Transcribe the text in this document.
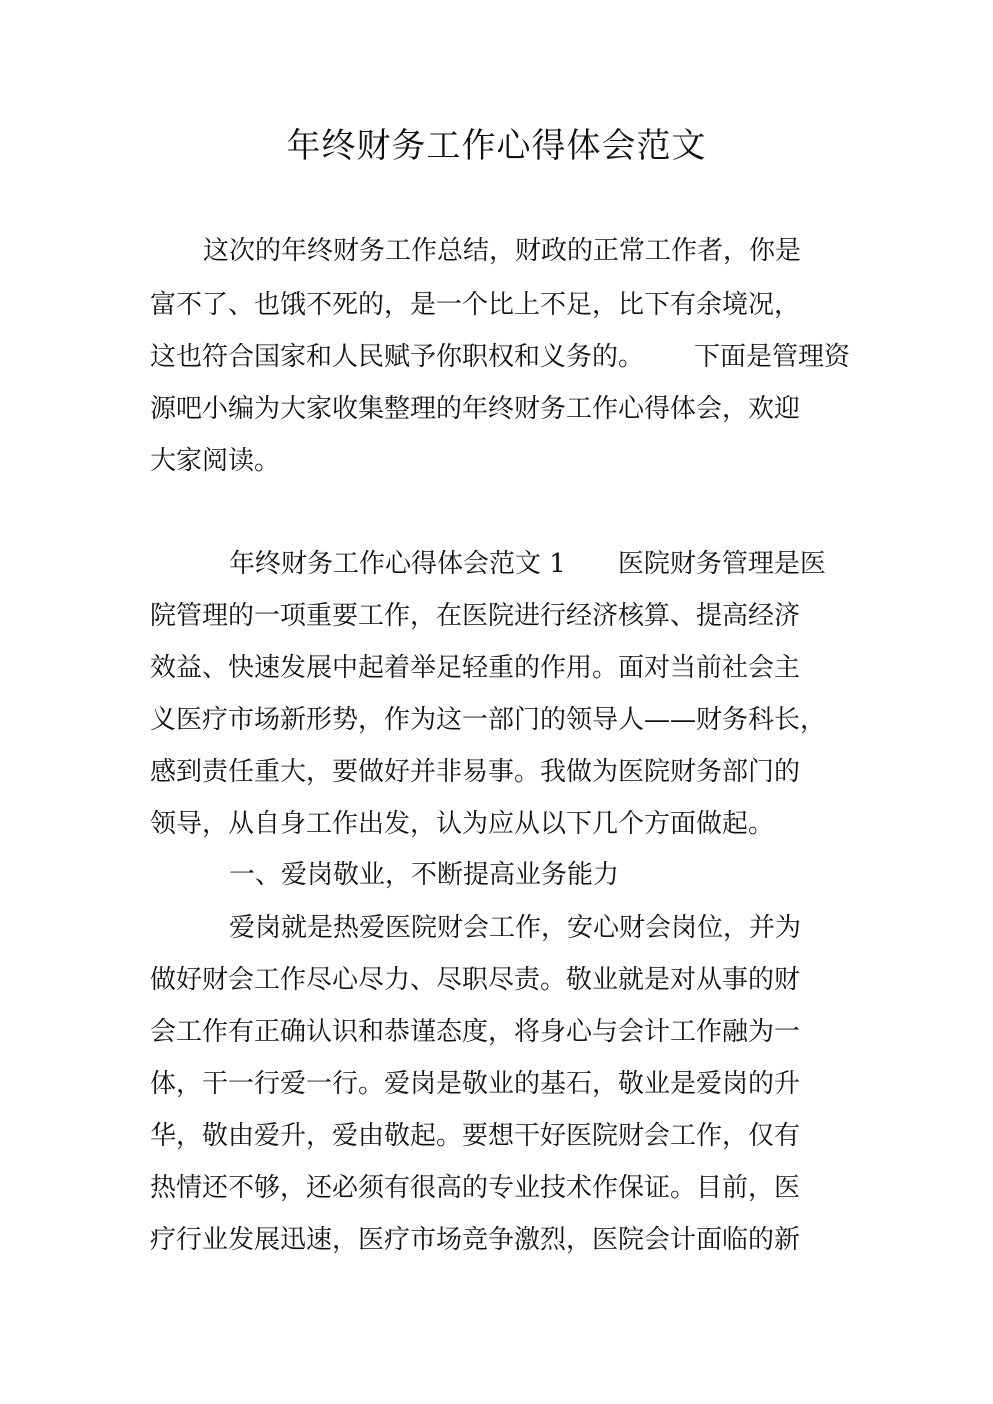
年终财务工作心得体会范文

这次的年终财务工作总结，财政的正常工作者，你是

富不了、也饿不死的，是一个比上不足，比下有余境况，

这也符合国家和人民赋予你职权和义务的。 下面是管理资

源吧小编为大家收集整理的年终财务工作心得体会，欢迎

大家阅读。

年终财务工作心得体会范文 1 医院财务管理是医

院管理的一项重要工作，在医院进行经济核算、提高经济

效益、快速发展中起着举足轻重的作用。面对当前社会主

义医疗市场新形势，作为这一部门的领导人——财务科长，

感到责任重大，要做好并非易事。我做为医院财务部门的

领导，从自身工作出发，认为应从以下几个方面做起。

一、爱岗敬业，不断提高业务能力

爱岗就是热爱医院财会工作，安心财会岗位，并为

做好财会工作尽心尽力、尽职尽责。敬业就是对从事的财

会工作有正确认识和恭谨态度，将身心与会计工作融为一

体，干一行爱一行。爱岗是敬业的基石，敬业是爱岗的升

华，敬由爱升，爱由敬起。要想干好医院财会工作，仅有

热情还不够，还必须有很高的专业技术作保证。目前，医

疗行业发展迅速，医疗市场竞争激烈，医院会计面临的新
